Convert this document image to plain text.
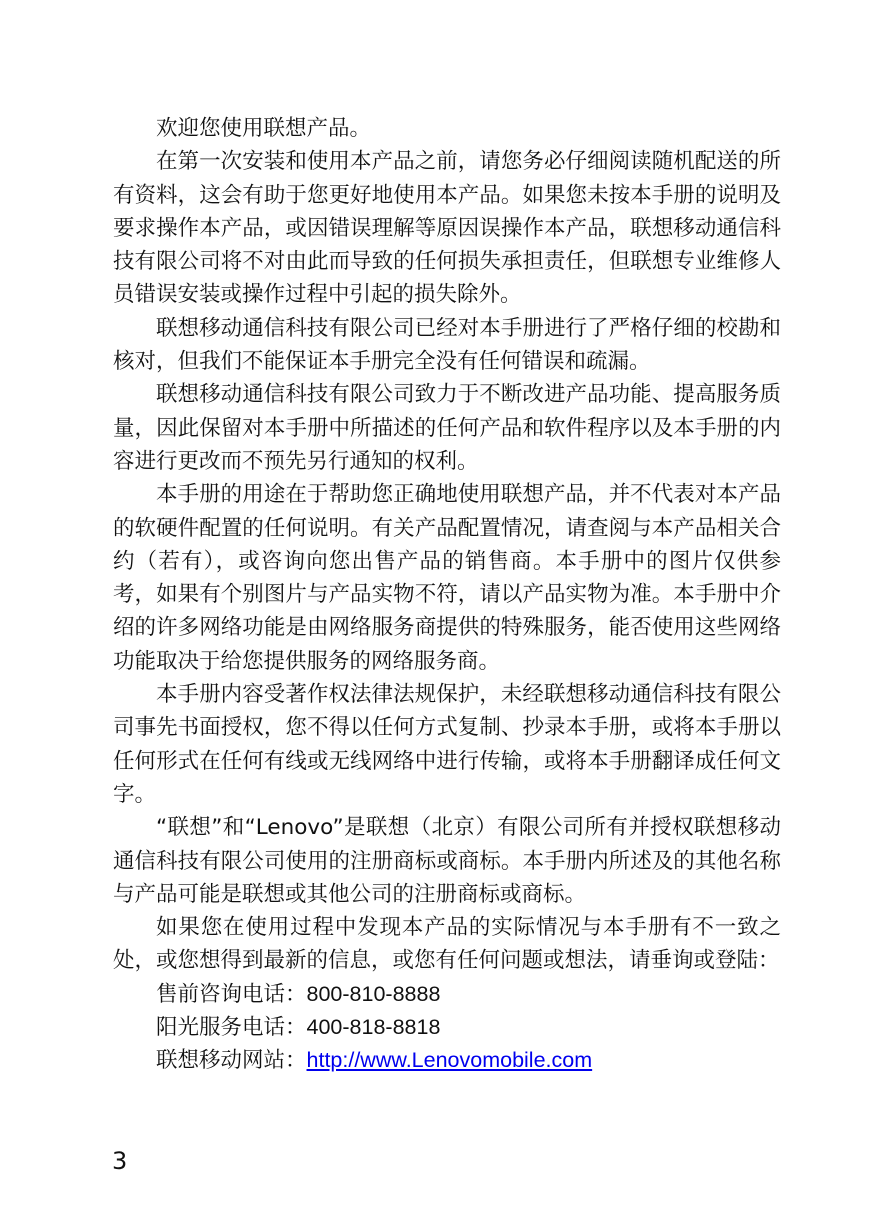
欢迎您使用联想产品。

在第一次安装和使用本产品之前，请您务必仔细阅读随机配送的所有资料，这会有助于您更好地使用本产品。如果您未按本手册的说明及要求操作本产品，或因错误理解等原因误操作本产品，联想移动通信科技有限公司将不对由此而导致的任何损失承担责任，但联想专业维修人员错误安装或操作过程中引起的损失除外。

联想移动通信科技有限公司已经对本手册进行了严格仔细的校勘和核对，但我们不能保证本手册完全没有任何错误和疏漏。

联想移动通信科技有限公司致力于不断改进产品功能、提高服务质量，因此保留对本手册中所描述的任何产品和软件程序以及本手册的内容进行更改而不预先另行通知的权利。

本手册的用途在于帮助您正确地使用联想产品，并不代表对本产品的软硬件配置的任何说明。有关产品配置情况，请查阅与本产品相关合约（若有），或咨询向您出售产品的销售商。本手册中的图片仅供参考，如果有个别图片与产品实物不符，请以产品实物为准。本手册中介绍的许多网络功能是由网络服务商提供的特殊服务，能否使用这些网络功能取决于给您提供服务的网络服务商。

本手册内容受著作权法律法规保护，未经联想移动通信科技有限公司事先书面授权，您不得以任何方式复制、抄录本手册，或将本手册以任何形式在任何有线或无线网络中进行传输，或将本手册翻译成任何文字。

“联想”和“Lenovo”是联想（北京）有限公司所有并授权联想移动通信科技有限公司使用的注册商标或商标。本手册内所述及的其他名称与产品可能是联想或其他公司的注册商标或商标。

如果您在使用过程中发现本产品的实际情况与本手册有不一致之处，或您想得到最新的信息，或您有任何问题或想法，请垂询或登陆：

售前咨询电话：800-810-8888

阳光服务电话：400-818-8818

联想移动网站：http://www.Lenovomobile.com

3
